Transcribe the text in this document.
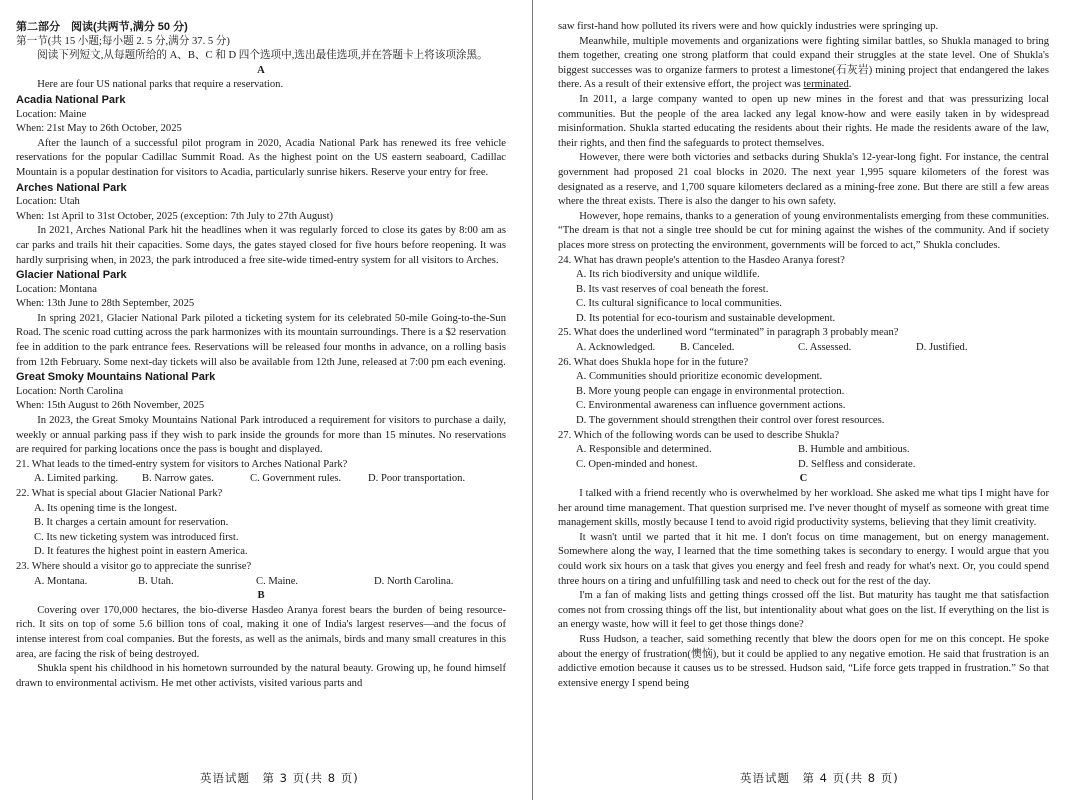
第二部分　阅读(共两节,满分 50 分)

第一节(共 15 小题;每小题 2. 5 分,满分 37. 5 分)

阅读下列短文,从每题所给的 A、B、C 和 D 四个选项中,选出最佳选项,并在答题卡上将该项涂黑。

A

Here are four US national parks that require a reservation.

Acadia National Park

Location: Maine

When: 21st May to 26th October, 2025

After the launch of a successful pilot program in 2020, Acadia National Park has renewed its free vehicle reservations for the popular Cadillac Summit Road. As the highest point on the US eastern seaboard, Cadillac Mountain is a popular destination for visitors to Acadia, particularly sunrise hikers. Reserve your entry for free.

Arches National Park

Location: Utah

When: 1st April to 31st October, 2025 (exception: 7th July to 27th August)

In 2021, Arches National Park hit the headlines when it was regularly forced to close its gates by 8:00 am as car parks and trails hit their capacities. Some days, the gates stayed closed for five hours before reopening. It was hardly surprising when, in 2023, the park introduced a free site-wide timed-entry system for all visitors to Arches.

Glacier National Park

Location: Montana

When: 13th June to 28th September, 2025

In spring 2021, Glacier National Park piloted a ticketing system for its celebrated 50-mile Going-to-the-Sun Road. The scenic road cutting across the park harmonizes with its mountain surroundings. There is a $2 reservation fee in addition to the park entrance fees. Reservations will be released four months in advance, on a rolling basis from 12th February. Some next-day tickets will also be available from 12th June, released at 7:00 pm each evening.

Great Smoky Mountains National Park

Location: North Carolina

When: 15th August to 26th November, 2025

In 2023, the Great Smoky Mountains National Park introduced a requirement for visitors to purchase a daily, weekly or annual parking pass if they wish to park inside the grounds for more than 15 minutes. No reservations are required for parking locations once the pass is bought and displayed.

21. What leads to the timed-entry system for visitors to Arches National Park?

A. Limited parking.	B. Narrow gates.	C. Government rules.	D. Poor transportation.

22. What is special about Glacier National Park?

A. Its opening time is the longest.

B. It charges a certain amount for reservation.

C. Its new ticketing system was introduced first.

D. It features the highest point in eastern America.

23. Where should a visitor go to appreciate the sunrise?

A. Montana.	B. Utah.	C. Maine.	D. North Carolina.

B

Covering over 170,000 hectares, the bio-diverse Hasdeo Aranya forest bears the burden of being resource-rich. It sits on top of some 5.6 billion tons of coal, making it one of India's largest reserves—and the focus of intense interest from coal companies. But the forests, as well as the animals, birds and many small creatures in this area, are facing the risk of being destroyed.

Shukla spent his childhood in his hometown surrounded by the natural beauty. Growing up, he found himself drawn to environmental activism. He met other activists, visited various parts and

英语试题　第 3 页(共 8 页)

saw first-hand how polluted its rivers were and how quickly industries were springing up.

Meanwhile, multiple movements and organizations were fighting similar battles, so Shukla managed to bring them together, creating one strong platform that could expand their struggles at the state level. One of Shukla's biggest successes was to organize farmers to protest a limestone(石灰岩) mining project that endangered the lakes there. As a result of their extensive effort, the project was terminated.

In 2011, a large company wanted to open up new mines in the forest and that was pressurizing local communities. But the people of the area lacked any legal know-how and were easily taken in by widespread misinformation. Shukla started educating the residents about their rights. He made the residents aware of the law, their rights, and then find the safeguards to protect themselves.

However, there were both victories and setbacks during Shukla's 12-year-long fight. For instance, the central government had proposed 21 coal blocks in 2020. The next year 1,995 square kilometers of the forest was designated as a reserve, and 1,700 square kilometers declared as a mining-free zone. But there are still a few areas where the threat exists. There is also the danger to his own safety.

However, hope remains, thanks to a generation of young environmentalists emerging from these communities. “The dream is that not a single tree should be cut for mining against the wishes of the community. And if society places more stress on protecting the environment, governments will be forced to act,” Shukla concludes.

24. What has drawn people's attention to the Hasdeo Aranya forest?

A. Its rich biodiversity and unique wildlife.

B. Its vast reserves of coal beneath the forest.

C. Its cultural significance to local communities.

D. Its potential for eco-tourism and sustainable development.

25. What does the underlined word “terminated” in paragraph 3 probably mean?

A. Acknowledged.	B. Canceled.	C. Assessed.	D. Justified.

26. What does Shukla hope for in the future?

A. Communities should prioritize economic development.

B. More young people can engage in environmental protection.

C. Environmental awareness can influence government actions.

D. The government should strengthen their control over forest resources.

27. Which of the following words can be used to describe Shukla?

A. Responsible and determined.	B. Humble and ambitious.
C. Open-minded and honest.	D. Selfless and considerate.

C

I talked with a friend recently who is overwhelmed by her workload. She asked me what tips I might have for her around time management. That question surprised me. I've never thought of myself as someone with great time management skills, mostly because I tend to avoid rigid productivity systems, believing that they limit creativity.

It wasn't until we parted that it hit me. I don't focus on time management, but on energy management. Somewhere along the way, I learned that the time something takes is secondary to energy. I would argue that you could work six hours on a task that gives you energy and feel fresh and ready for what's next. Or, you could spend three hours on a tiring and unfulfilling task and need to check out for the rest of the day.

I'm a fan of making lists and getting things crossed off the list. But maturity has taught me that satisfaction comes not from crossing things off the list, but intentionality about what goes on the list. If everything on the list is an energy waste, how will it feel to get those things done?

Russ Hudson, a teacher, said something recently that blew the doors open for me on this concept. He spoke about the energy of frustration(懊恼), but it could be applied to any negative emotion. He said that frustration is an addictive emotion because it causes us to be stressed. Hudson said, “Life force gets trapped in frustration.” So that extensive energy I spend being

英语试题　第 4 页(共 8 页)
